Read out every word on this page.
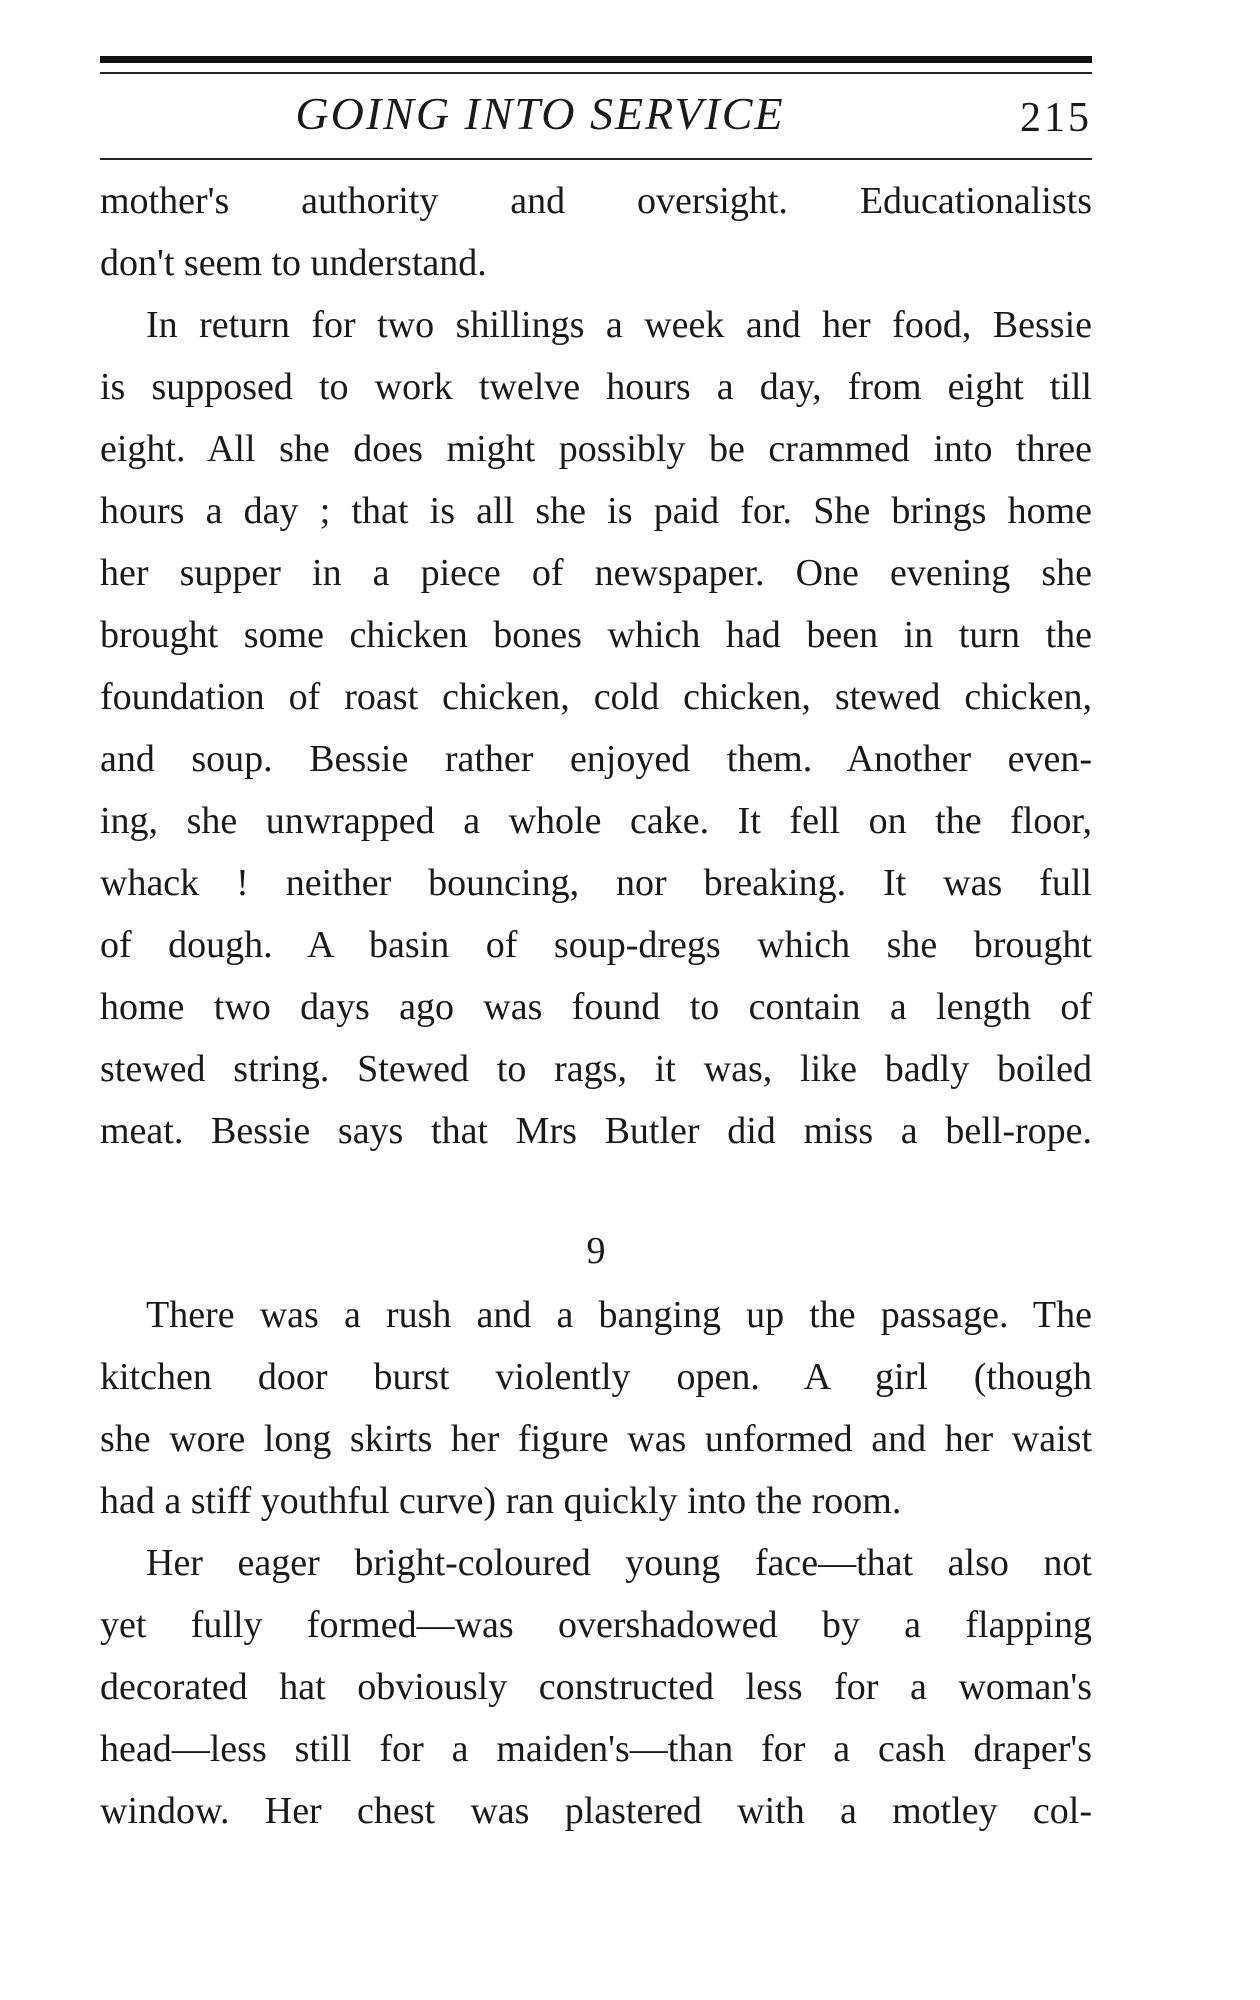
GOING INTO SERVICE	215
mother's authority and oversight. Educationalists
don't seem to understand.
In return for two shillings a week and her food, Bessie
is supposed to work twelve hours a day, from eight till
eight. All she does might possibly be crammed into three
hours a day ; that is all she is paid for. She brings home
her supper in a piece of newspaper. One evening she
brought some chicken bones which had been in turn the
foundation of roast chicken, cold chicken, stewed chicken,
and soup. Bessie rather enjoyed them. Another even-
ing, she unwrapped a whole cake. It fell on the floor,
whack ! neither bouncing, nor breaking. It was full
of dough. A basin of soup-dregs which she brought
home two days ago was found to contain a length of
stewed string. Stewed to rags, it was, like badly boiled
meat. Bessie says that Mrs Butler did miss a bell-rope.
9
There was a rush and a banging up the passage. The
kitchen door burst violently open. A girl (though
she wore long skirts her figure was unformed and her waist
had a stiff youthful curve) ran quickly into the room.
Her eager bright-coloured young face—that also not
yet fully formed—was overshadowed by a flapping
decorated hat obviously constructed less for a woman's
head—less still for a maiden's—than for a cash draper's
window. Her chest was plastered with a motley col-
